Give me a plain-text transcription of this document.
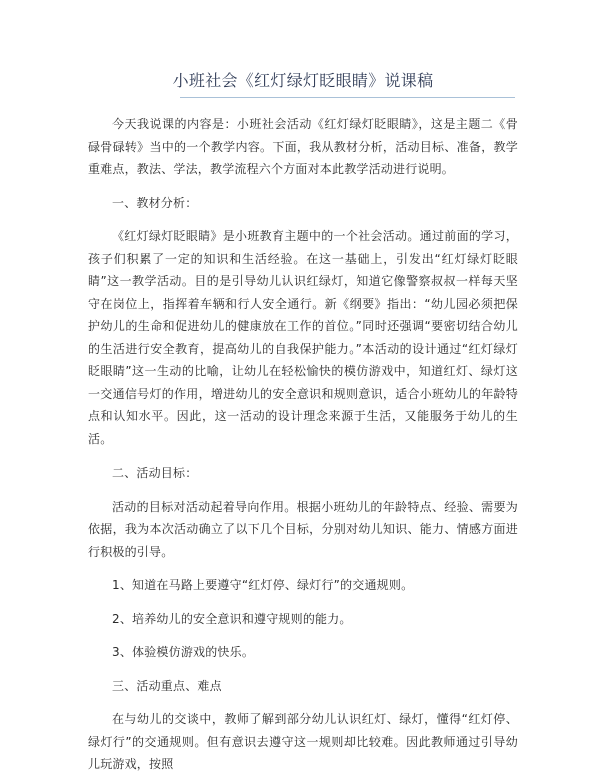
小班社会《红灯绿灯眨眼睛》说课稿

今天我说课的内容是：小班社会活动《红灯绿灯眨眼睛》，这是主题二《骨碌骨碌转》当中的一个教学内容。下面，我从教材分析，活动目标、准备，教学重难点，教法、学法，教学流程六个方面对本此教学活动进行说明。

一、教材分析：

《红灯绿灯眨眼睛》是小班教育主题中的一个社会活动。通过前面的学习，孩子们积累了一定的知识和生活经验。在这一基础上，引发出“红灯绿灯眨眼睛”这一教学活动。目的是引导幼儿认识红绿灯，知道它像警察叔叔一样每天坚守在岗位上，指挥着车辆和行人安全通行。新《纲要》指出：“幼儿园必须把保护幼儿的生命和促进幼儿的健康放在工作的首位。”同时还强调“要密切结合幼儿的生活进行安全教育，提高幼儿的自我保护能力。”本活动的设计通过“红灯绿灯眨眼睛”这一生动的比喻，让幼儿在轻松愉快的模仿游戏中，知道红灯、绿灯这一交通信号灯的作用，增进幼儿的安全意识和规则意识，适合小班幼儿的年龄特点和认知水平。因此，这一活动的设计理念来源于生活，又能服务于幼儿的生活。

二、活动目标：

活动的目标对活动起着导向作用。根据小班幼儿的年龄特点、经验、需要为依据，我为本次活动确立了以下几个目标，分别对幼儿知识、能力、情感方面进行积极的引导。

1、知道在马路上要遵守“红灯停、绿灯行”的交通规则。

2、培养幼儿的安全意识和遵守规则的能力。

3、体验模仿游戏的快乐。

三、活动重点、难点

在与幼儿的交谈中，教师了解到部分幼儿认识红灯、绿灯，懂得“红灯停、绿灯行”的交通规则。但有意识去遵守这一规则却比较难。因此教师通过引导幼儿玩游戏，按照
